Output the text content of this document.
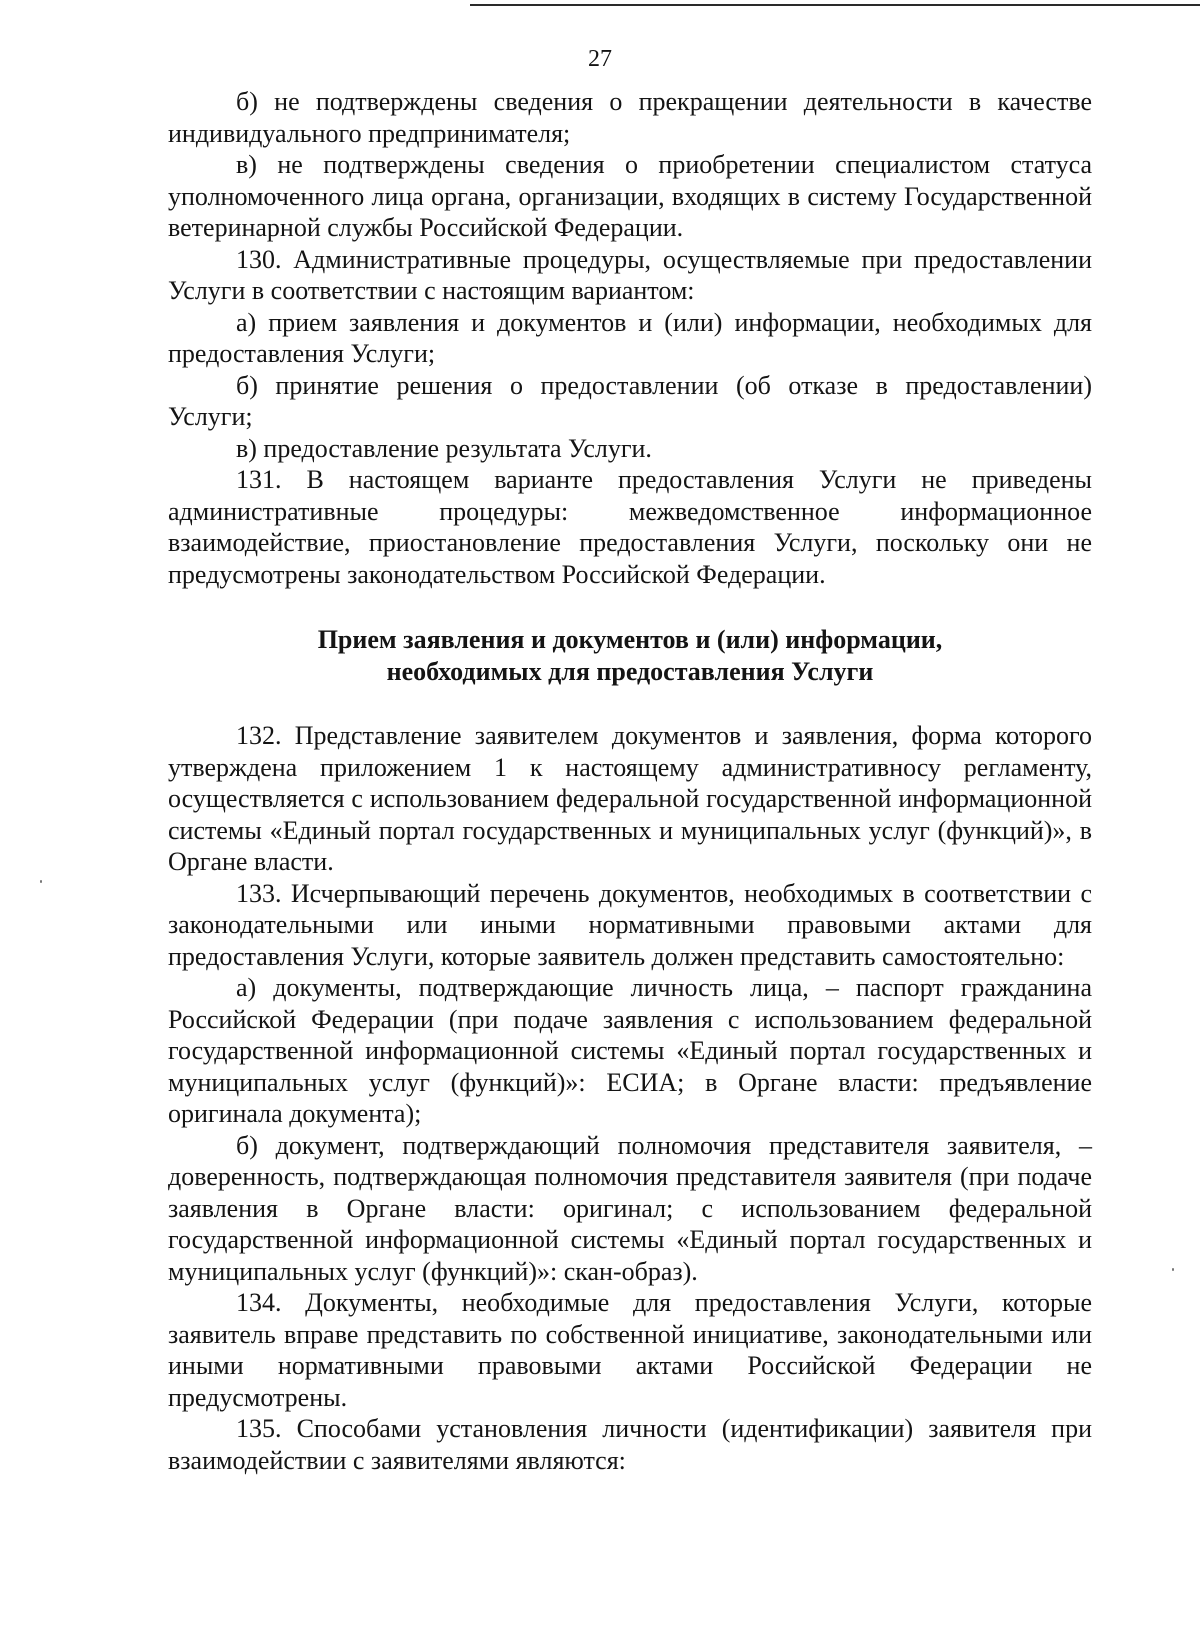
27

б) не подтверждены сведения о прекращении деятельности в качестве индивидуального предпринимателя;

в) не подтверждены сведения о приобретении специалистом статуса уполномоченного лица органа, организации, входящих в систему Государственной ветеринарной службы Российской Федерации.

130. Административные процедуры, осуществляемые при предоставлении Услуги в соответствии с настоящим вариантом:

а) прием заявления и документов и (или) информации, необходимых для предоставления Услуги;

б) принятие решения о предоставлении (об отказе в предоставлении) Услуги;

в) предоставление результата Услуги.

131. В настоящем варианте предоставления Услуги не приведены административные процедуры: межведомственное информационное взаимодействие, приостановление предоставления Услуги, поскольку они не предусмотрены законодательством Российской Федерации.

Прием заявления и документов и (или) информации,
необходимых для предоставления Услуги

132. Представление заявителем документов и заявления, форма которого утверждена приложением 1 к настоящему административносу регламенту, осуществляется с использованием федеральной государственной информационной системы «Единый портал государственных и муниципальных услуг (функций)», в Органе власти.

133. Исчерпывающий перечень документов, необходимых в соответствии с законодательными или иными нормативными правовыми актами для предоставления Услуги, которые заявитель должен представить самостоятельно:

а) документы, подтверждающие личность лица, – паспорт гражданина Российской Федерации (при подаче заявления с использованием федеральной государственной информационной системы «Единый портал государственных и муниципальных услуг (функций)»: ЕСИА; в Органе власти: предъявление оригинала документа);

б) документ, подтверждающий полномочия представителя заявителя, – доверенность, подтверждающая полномочия представителя заявителя (при подаче заявления в Органе власти: оригинал; с использованием федеральной государственной информационной системы «Единый портал государственных и муниципальных услуг (функций)»: скан-образ).

134. Документы, необходимые для предоставления Услуги, которые заявитель вправе представить по собственной инициативе, законодательными или иными нормативными правовыми актами Российской Федерации не предусмотрены.

135. Способами установления личности (идентификации) заявителя при взаимодействии с заявителями являются:
